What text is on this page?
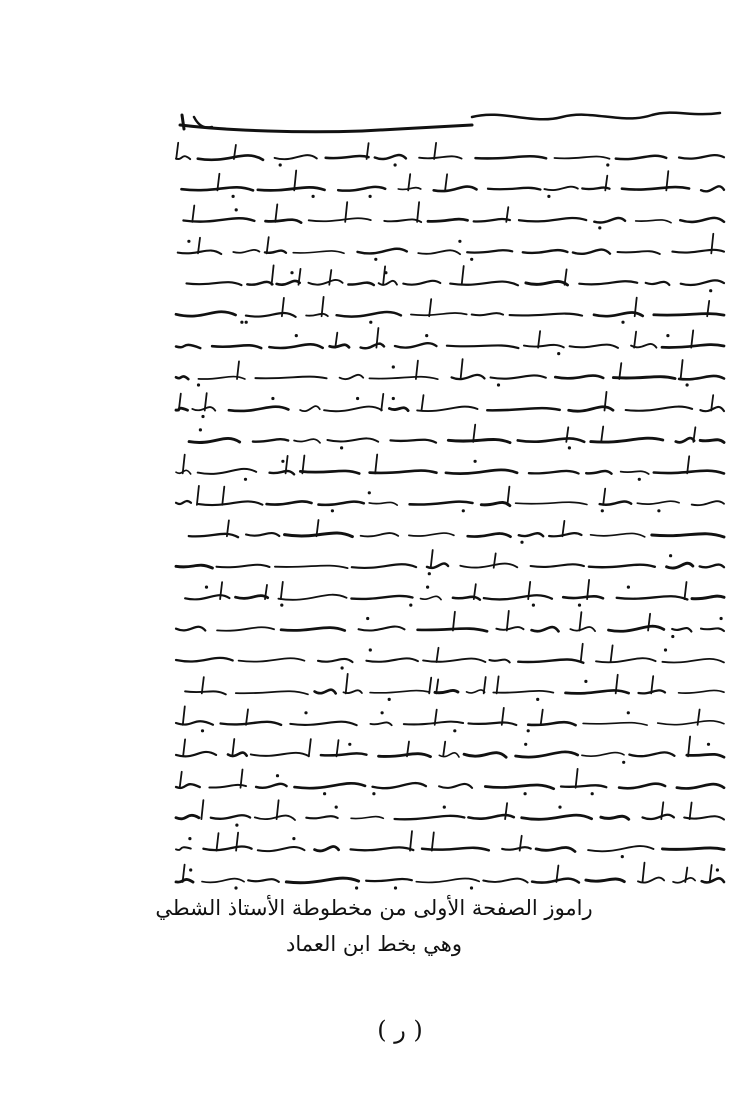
راموز الصفحة الأولى من مخطوطة الأستاذ الشطي
وهي بخط ابن العماد
( ر )
